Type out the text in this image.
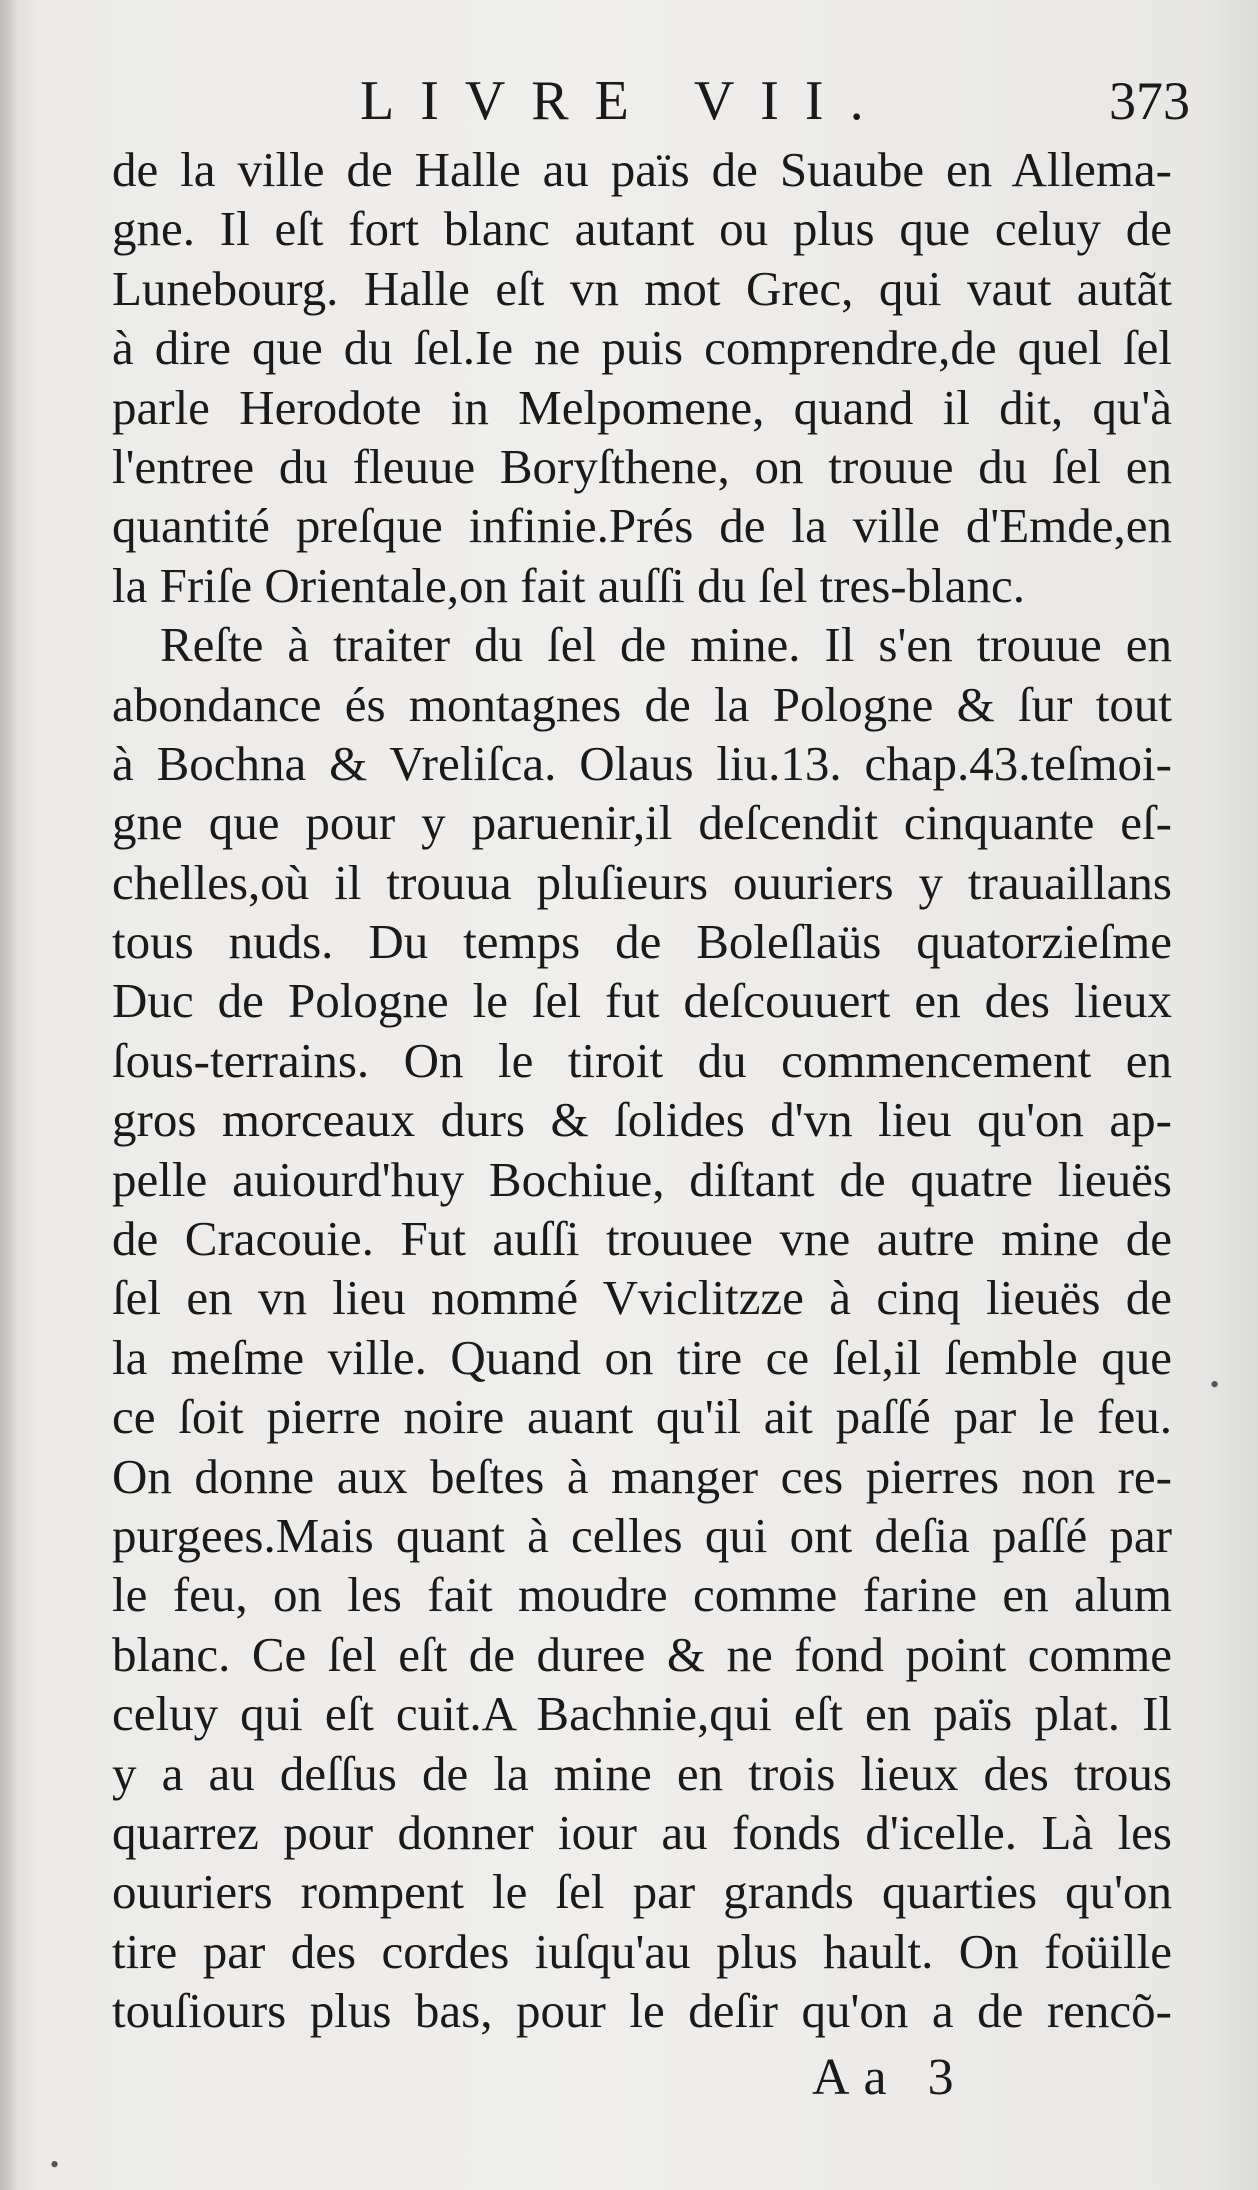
LIVRE VII.	373
de la ville de Halle au païs de Suaube en Allema-
gne. Il eſt fort blanc autant ou plus que celuy de
Lunebourg. Halle eſt vn mot Grec, qui vaut autãt
à dire que du ſel.Ie ne puis comprendre,de quel ſel
parle Herodote in Melpomene, quand il dit, qu'à
l'entree du fleuue Boryſthene, on trouue du ſel en
quantité preſque infinie.Prés de la ville d'Emde,en
la Friſe Orientale,on fait auſſi du ſel tres-blanc.
Reſte à traiter du ſel de mine. Il s'en trouue en
abondance és montagnes de la Pologne & ſur tout
à Bochna & Vreliſca. Olaus liu.13. chap.43.teſmoi-
gne que pour y paruenir,il deſcendit cinquante eſ-
chelles,où il trouua pluſieurs ouuriers y trauaillans
tous nuds. Du temps de Boleſlaüs quatorzieſme
Duc de Pologne le ſel fut deſcouuert en des lieux
ſous-terrains. On le tiroit du commencement en
gros morceaux durs & ſolides d'vn lieu qu'on ap-
pelle auiourd'huy Bochiue, diſtant de quatre lieuës
de Cracouie. Fut auſſi trouuee vne autre mine de
ſel en vn lieu nommé Vviclitzze à cinq lieuës de
la meſme ville. Quand on tire ce ſel,il ſemble que
ce ſoit pierre noire auant qu'il ait paſſé par le feu.
On donne aux beſtes à manger ces pierres non re-
purgees.Mais quant à celles qui ont deſia paſſé par
le feu, on les fait moudre comme farine en alum
blanc. Ce ſel eſt de duree & ne fond point comme
celuy qui eſt cuit.A Bachnie,qui eſt en païs plat. Il
y a au deſſus de la mine en trois lieux des trous
quarrez pour donner iour au fonds d'icelle. Là les
ouuriers rompent le ſel par grands quarties qu'on
tire par des cordes iuſqu'au plus hault. On foüille
touſiours plus bas, pour le deſir qu'on a de rencõ-
Aa 3
•
•
